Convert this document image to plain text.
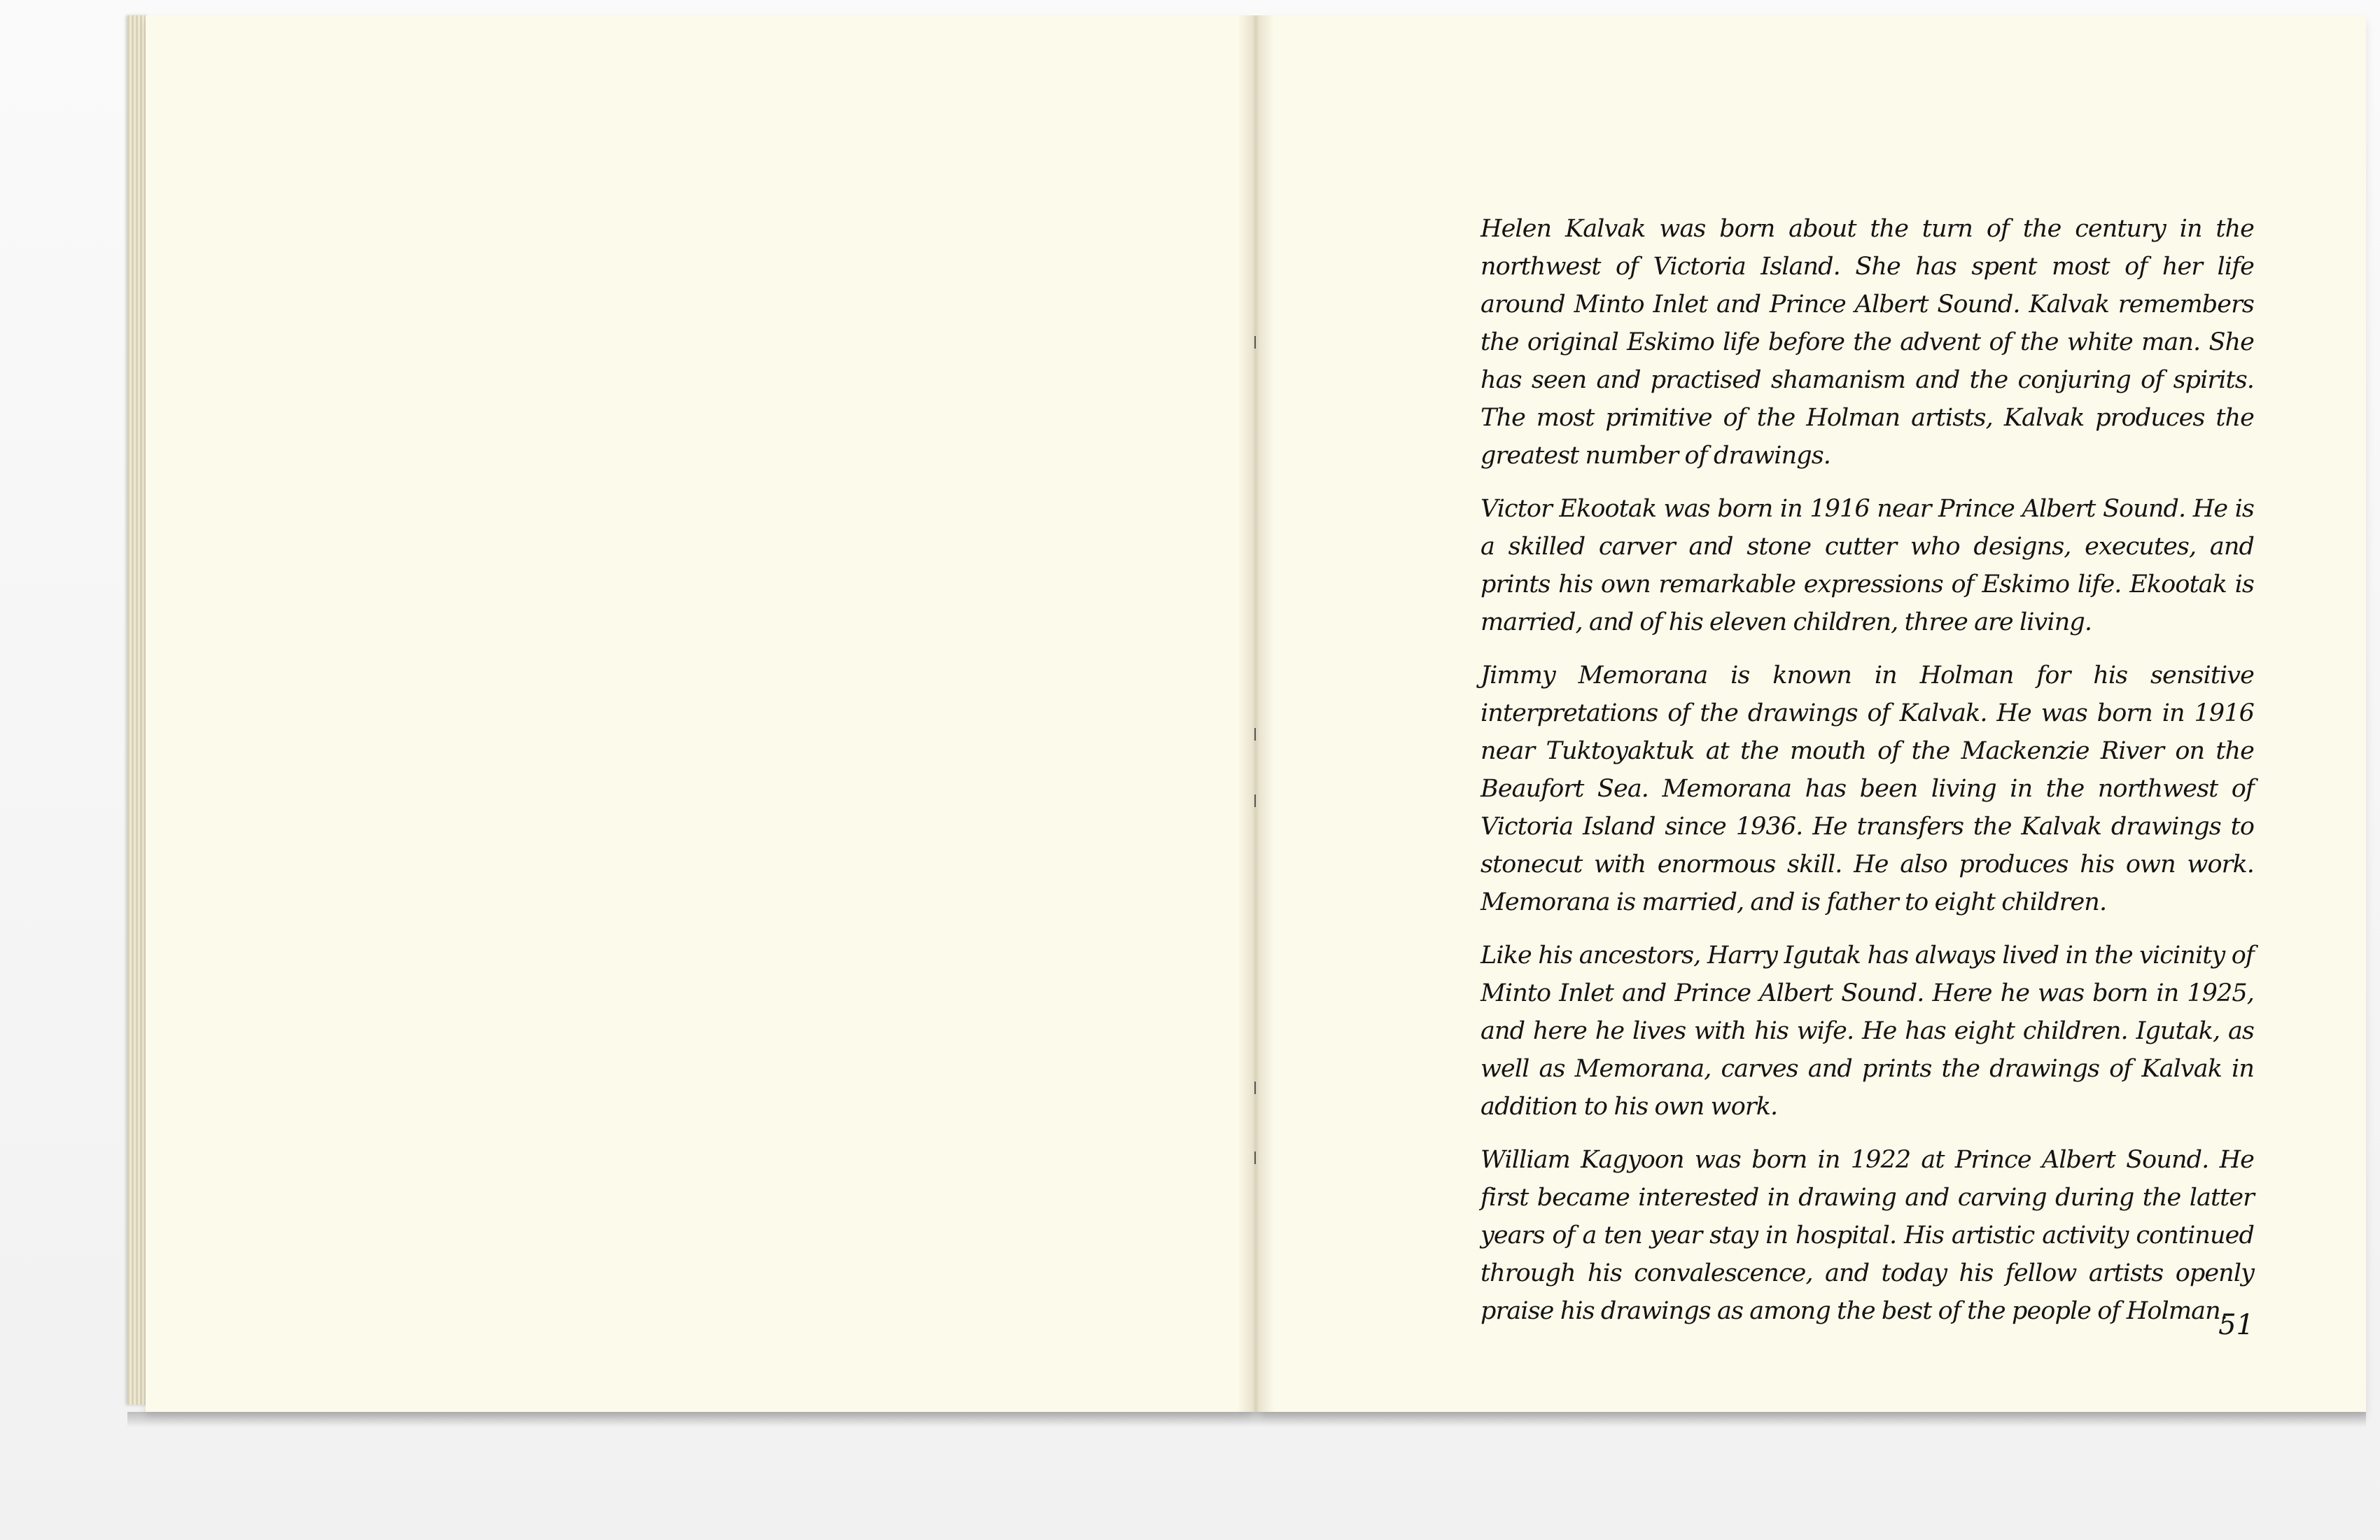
Helen Kalvak was born about the turn of the century in the northwest of Victoria Island. She has spent most of her life around Minto Inlet and Prince Albert Sound. Kalvak remembers the original Eskimo life before the advent of the white man. She has seen and practised shamanism and the conjuring of spirits. The most primitive of the Holman artists, Kalvak produces the greatest number of drawings.

Victor Ekootak was born in 1916 near Prince Albert Sound. He is a skilled carver and stone cutter who designs, executes, and prints his own remarkable expressions of Eskimo life. Ekootak is married, and of his eleven children, three are living.

Jimmy Memorana is known in Holman for his sensitive interpretations of the drawings of Kalvak. He was born in 1916 near Tuktoyaktuk at the mouth of the Mackenzie River on the Beaufort Sea. Memorana has been living in the northwest of Victoria Island since 1936. He transfers the Kalvak drawings to stonecut with enormous skill. He also produces his own work. Memorana is married, and is father to eight children.

Like his ancestors, Harry Igutak has always lived in the vicinity of Minto Inlet and Prince Albert Sound. Here he was born in 1925, and here he lives with his wife. He has eight children. Igutak, as well as Memorana, carves and prints the drawings of Kalvak in addition to his own work.

William Kagyoon was born in 1922 at Prince Albert Sound. He first became interested in drawing and carving during the latter years of a ten year stay in hospital. His artistic activity continued through his convalescence, and today his fellow artists openly praise his drawings as among the best of the people of Holman.

51
